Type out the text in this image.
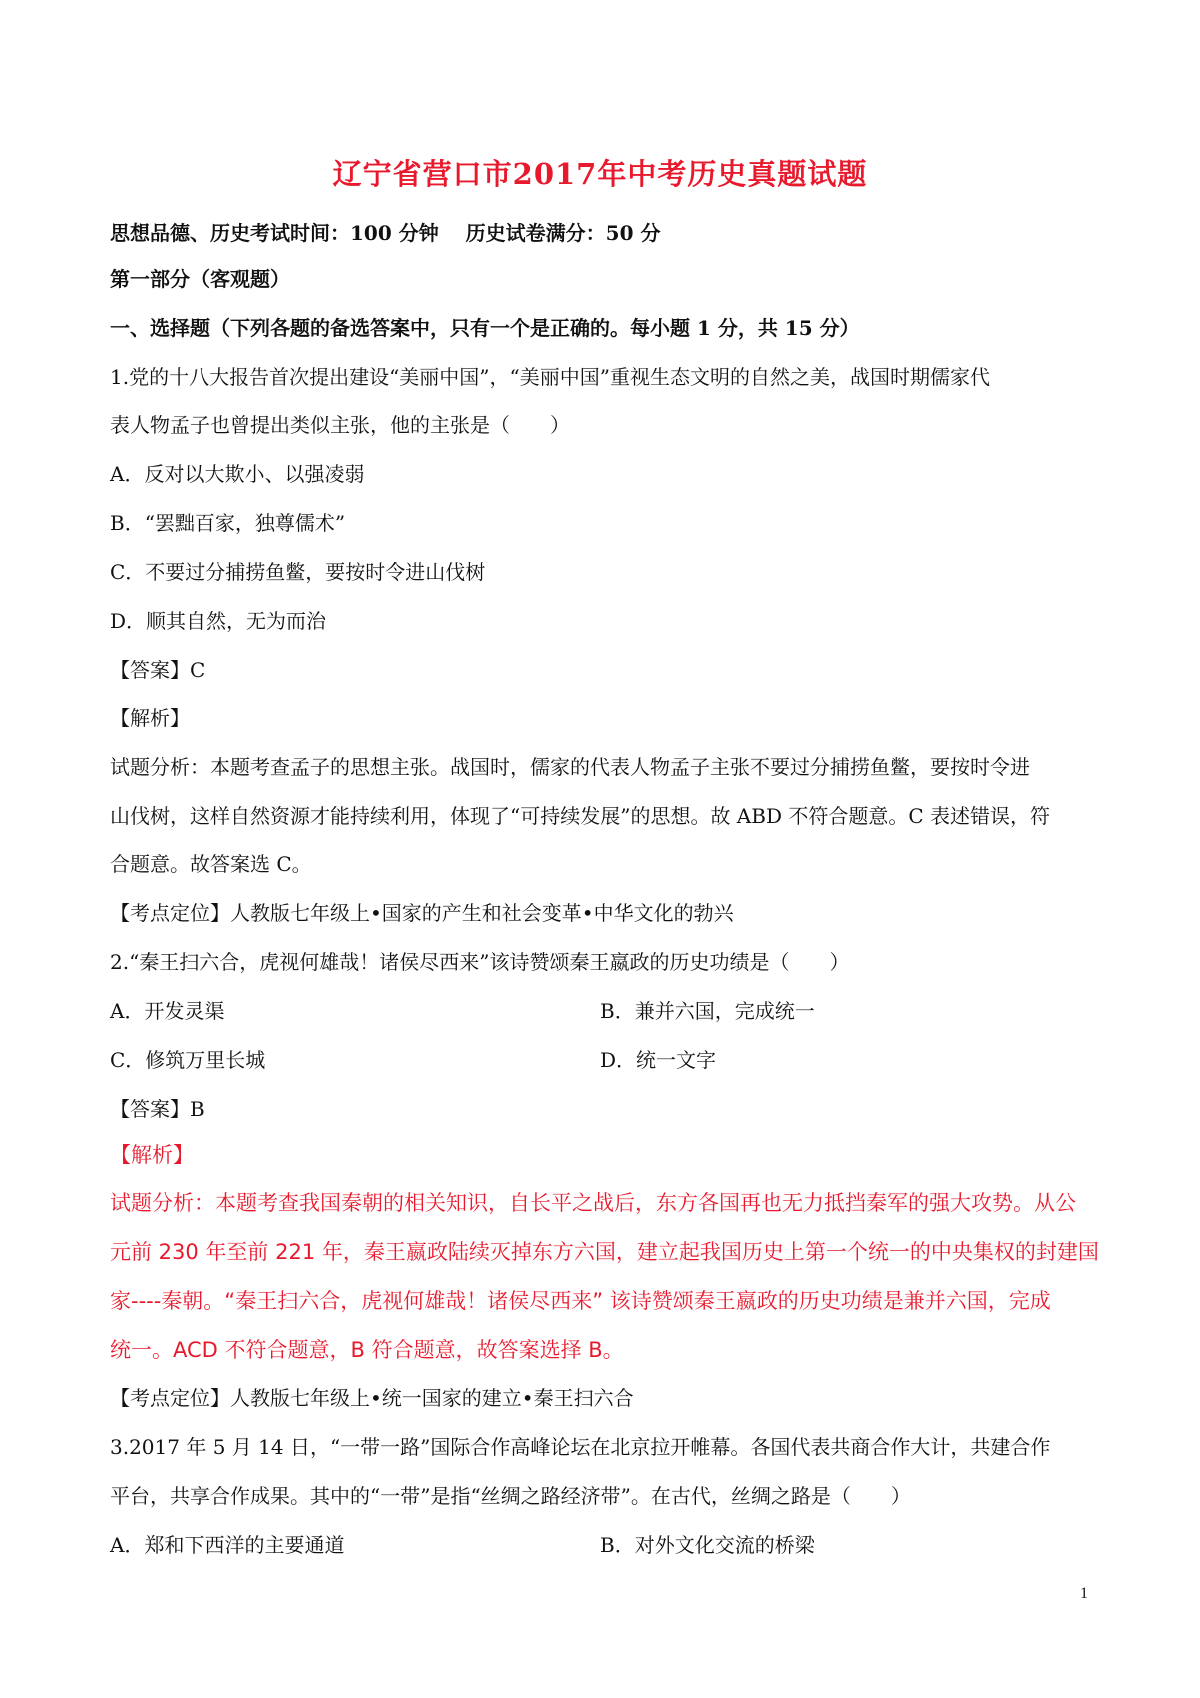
辽宁省营口市2017年中考历史真题试题
思想品德、历史考试时间：100 分钟　 历史试卷满分：50 分
第一部分（客观题）
一、选择题（下列各题的备选答案中，只有一个是正确的。每小题 1 分，共 15 分）
1.党的十八大报告首次提出建设“美丽中国”，“美丽中国”重视生态文明的自然之美，战国时期儒家代
表人物孟子也曾提出类似主张，他的主张是（　　）
A．反对以大欺小、以强凌弱
B．“罢黜百家，独尊儒术”
C．不要过分捕捞鱼鳖，要按时令进山伐树
D．顺其自然，无为而治
【答案】C
【解析】
试题分析：本题考查孟子的思想主张。战国时，儒家的代表人物孟子主张不要过分捕捞鱼鳖，要按时令进
山伐树，这样自然资源才能持续利用，体现了“可持续发展”的思想。故 ABD 不符合题意。C 表述错误，符
合题意。故答案选 C。
【考点定位】人教版七年级上•国家的产生和社会变革•中华文化的勃兴
2.“秦王扫六合，虎视何雄哉！诸侯尽西来”该诗赞颂秦王嬴政的历史功绩是（　　）
A．开发灵渠	B．兼并六国，完成统一
C．修筑万里长城	D．统一文字
【答案】B
【解析】
试题分析：本题考查我国秦朝的相关知识，自长平之战后，东方各国再也无力抵挡秦军的强大攻势。从公
元前 230 年至前 221 年，秦王嬴政陆续灭掉东方六国，建立起我国历史上第一个统一的中央集权的封建国
家----秦朝。“秦王扫六合，虎视何雄哉！诸侯尽西来” 该诗赞颂秦王嬴政的历史功绩是兼并六国，完成
统一。ACD 不符合题意，B 符合题意，故答案选择 B。
【考点定位】人教版七年级上•统一国家的建立•秦王扫六合
3.2017 年 5 月 14 日，“一带一路”国际合作高峰论坛在北京拉开帷幕。各国代表共商合作大计，共建合作
平台，共享合作成果。其中的“一带”是指“丝绸之路经济带”。在古代，丝绸之路是（　　）
A．郑和下西洋的主要通道	B．对外文化交流的桥梁
1
